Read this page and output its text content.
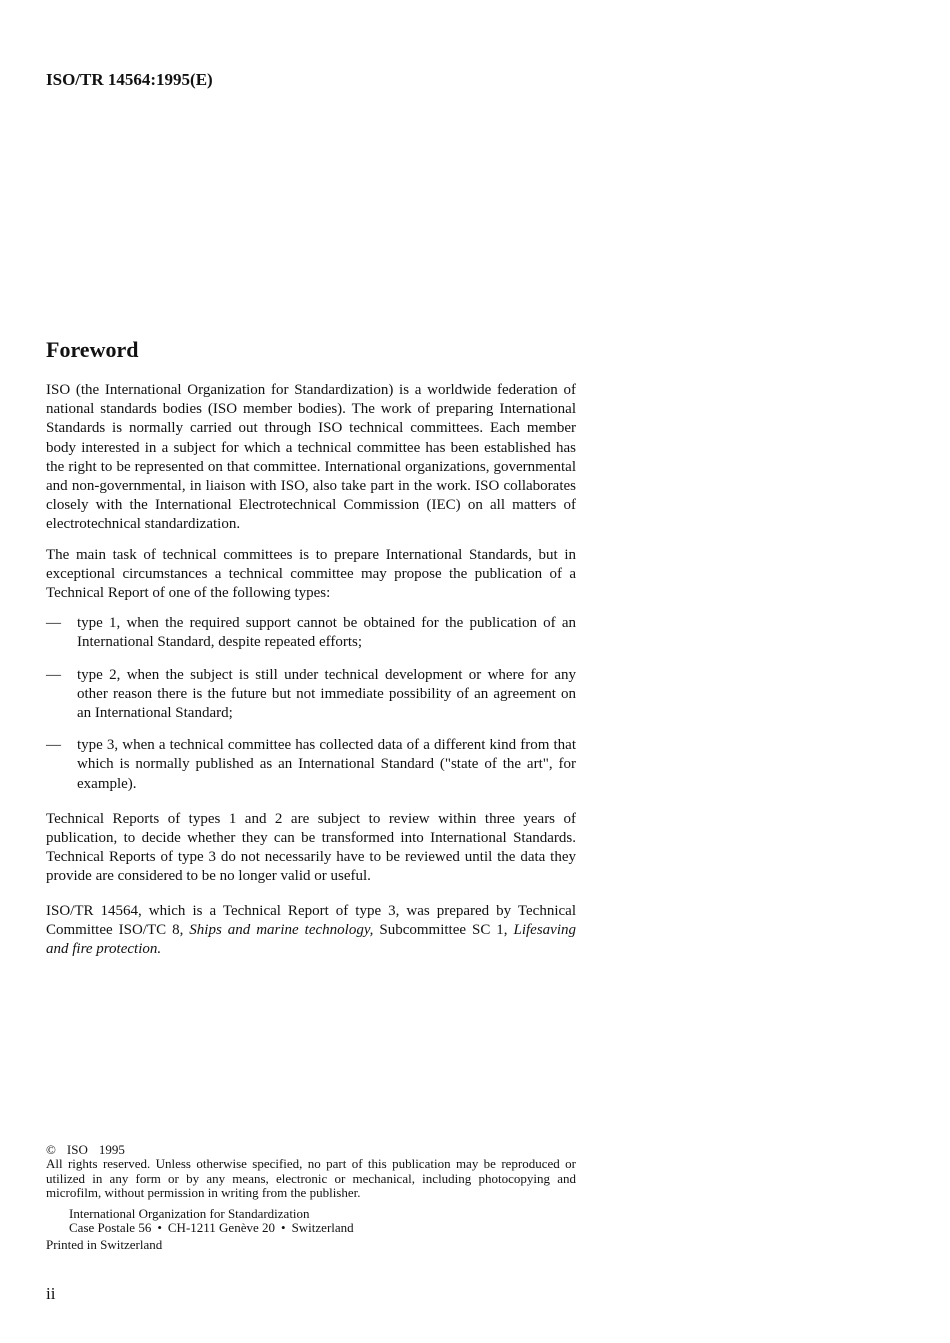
ISO/TR 14564:1995(E)
Foreword

ISO (the International Organization for Standardization) is a worldwide federation of national standards bodies (ISO member bodies). The work of preparing International Standards is normally carried out through ISO technical committees. Each member body interested in a subject for which a technical committee has been established has the right to be represented on that committee. International organizations, governmental and non-governmental, in liaison with ISO, also take part in the work. ISO collaborates closely with the International Electrotechnical Commission (IEC) on all matters of electrotechnical standardization.

The main task of technical committees is to prepare International Standards, but in exceptional circumstances a technical committee may propose the publication of a Technical Report of one of the following types:

—	type 1, when the required support cannot be obtained for the publication of an International Standard, despite repeated efforts;
—	type 2, when the subject is still under technical development or where for any other reason there is the future but not immediate possibility of an agreement on an International Standard;
—	type 3, when a technical committee has collected data of a different kind from that which is normally published as an International Standard ("state of the art", for example).

Technical Reports of types 1 and 2 are subject to review within three years of publication, to decide whether they can be transformed into International Standards. Technical Reports of type 3 do not necessarily have to be reviewed until the data they provide are considered to be no longer valid or useful.

ISO/TR 14564, which is a Technical Report of type 3, was prepared by Technical Committee ISO/TC 8, Ships and marine technology, Subcommittee SC 1, Lifesaving and fire protection.

© ISO 1995
All rights reserved. Unless otherwise specified, no part of this publication may be reproduced or utilized in any form or by any means, electronic or mechanical, including photocopying and microfilm, without permission in writing from the publisher.
International Organization for Standardization
Case Postale 56 • CH-1211 Genève 20 • Switzerland
Printed in Switzerland
ii
